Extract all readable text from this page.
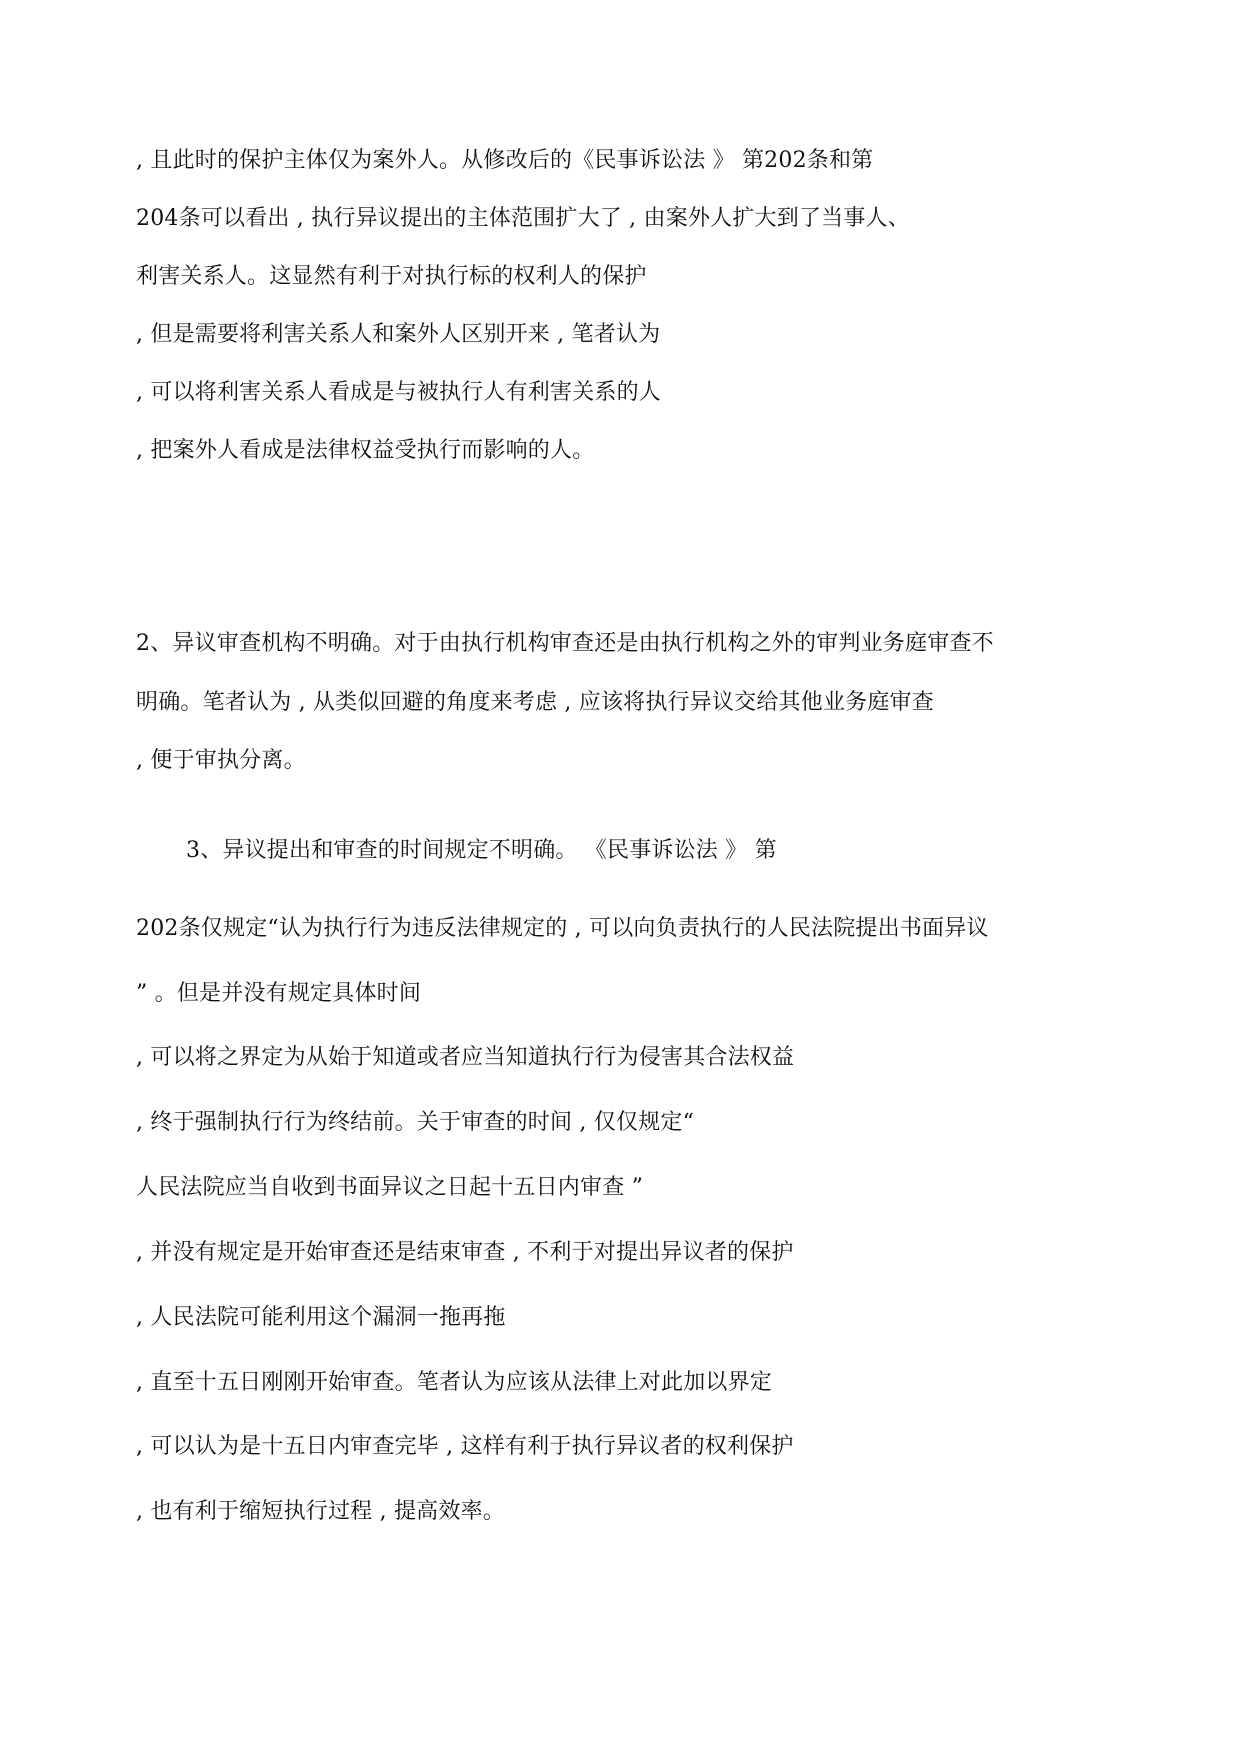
, 且此时的保护主体仅为案外人。从修改后的《民事诉讼法 》 第202条和第
204条可以看出 , 执行异议提出的主体范围扩大了 , 由案外人扩大到了当事人、
利害关系人。这显然有利于对执行标的权利人的保护
, 但是需要将利害关系人和案外人区别开来 , 笔者认为
, 可以将利害关系人看成是与被执行人有利害关系的人
, 把案外人看成是法律权益受执行而影响的人。
2、异议审查机构不明确。对于由执行机构审查还是由执行机构之外的审判业务庭审查不
明确。笔者认为 , 从类似回避的角度来考虑 , 应该将执行异议交给其他业务庭审查
, 便于审执分离。
3、异议提出和审查的时间规定不明确。 《民事诉讼法 》 第
202条仅规定“认为执行行为违反法律规定的 , 可以向负责执行的人民法院提出书面异议
” 。但是并没有规定具体时间
, 可以将之界定为从始于知道或者应当知道执行行为侵害其合法权益
, 终于强制执行行为终结前。关于审查的时间 , 仅仅规定“
人民法院应当自收到书面异议之日起十五日内审查 ”
, 并没有规定是开始审查还是结束审查 , 不利于对提出异议者的保护
, 人民法院可能利用这个漏洞一拖再拖
, 直至十五日刚刚开始审查。笔者认为应该从法律上对此加以界定
, 可以认为是十五日内审查完毕 , 这样有利于执行异议者的权利保护
, 也有利于缩短执行过程 , 提高效率。
